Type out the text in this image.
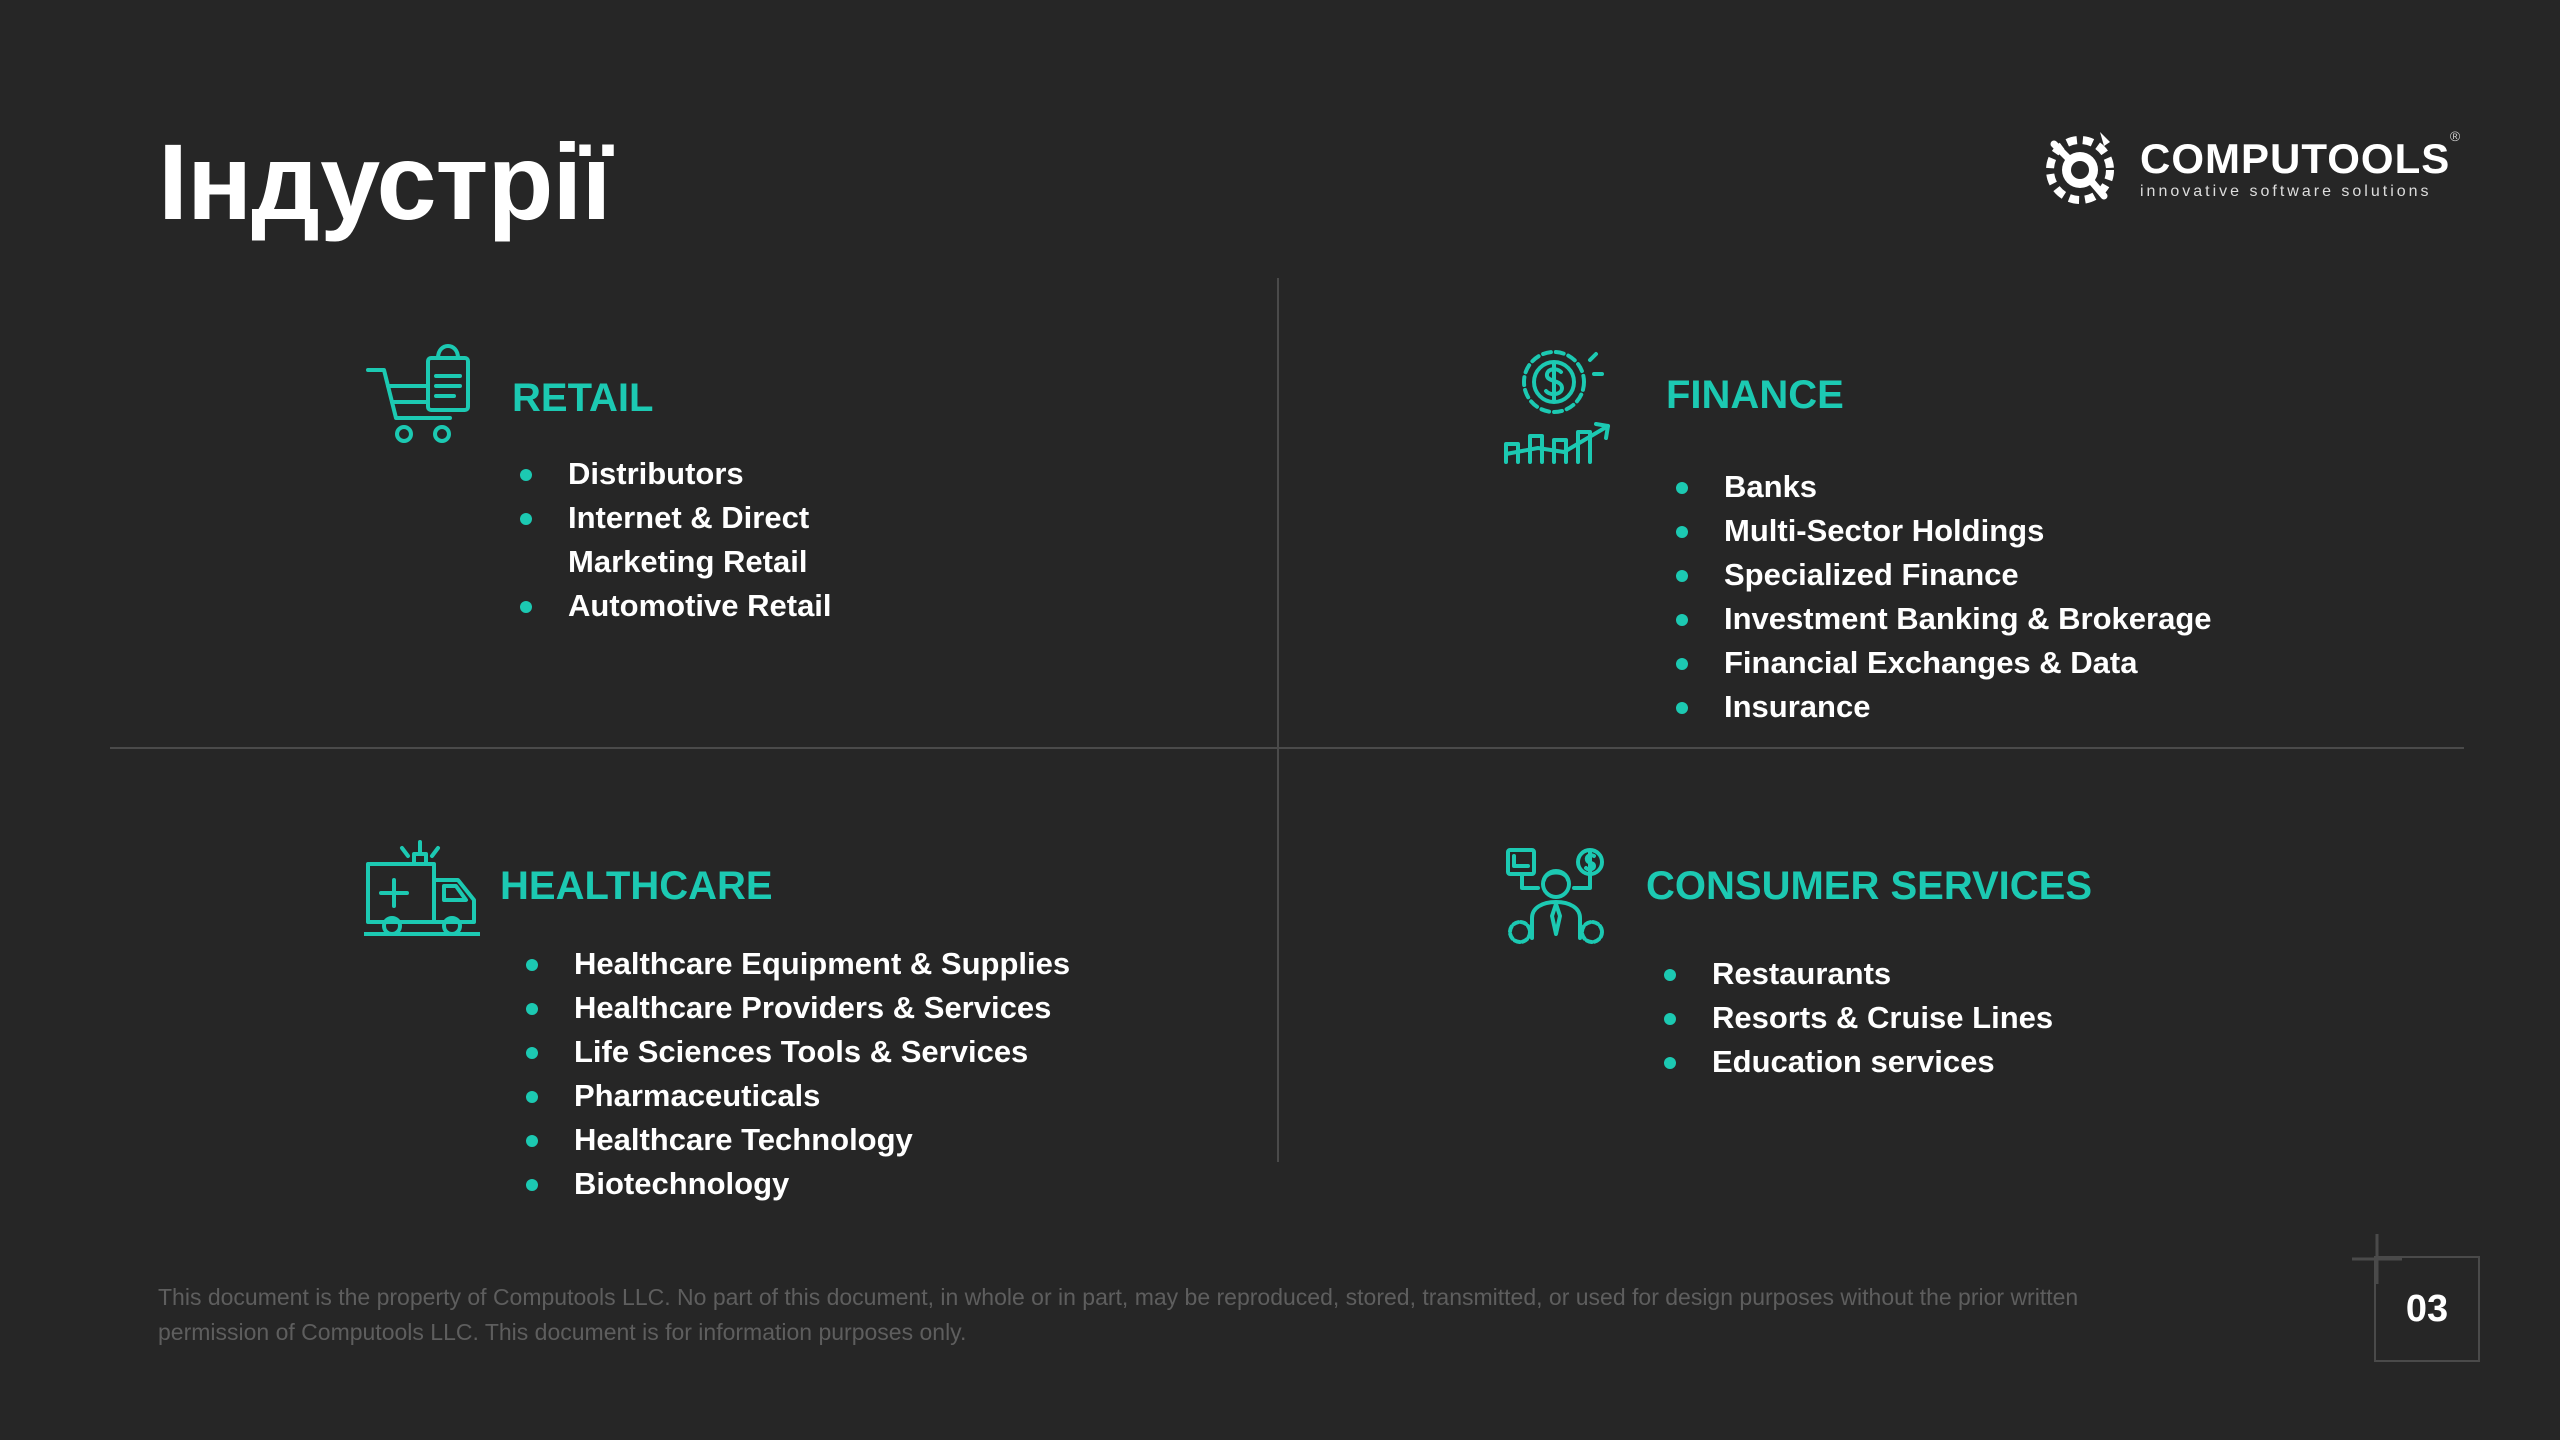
Індустрії	COMPUTOOLS
innovative software solutions
®
RETAIL
Distributors
Internet & Direct
Marketing Retail
Automotive Retail
FINANCE
Banks
Multi-Sector Holdings
Specialized Finance
Investment Banking & Brokerage
Financial Exchanges & Data
Insurance
HEALTHCARE
Healthcare Equipment & Supplies
Healthcare Providers & Services
Life Sciences Tools & Services
Pharmaceuticals
Healthcare Technology
Biotechnology
CONSUMER SERVICES
Restaurants
Resorts & Cruise Lines
Education services
This document is the property of Computools LLC. No part of this document, in whole or in part, may be reproduced, stored, transmitted, or used for design purposes without the prior written
permission of Computools LLC. This document is for information purposes only.
03
